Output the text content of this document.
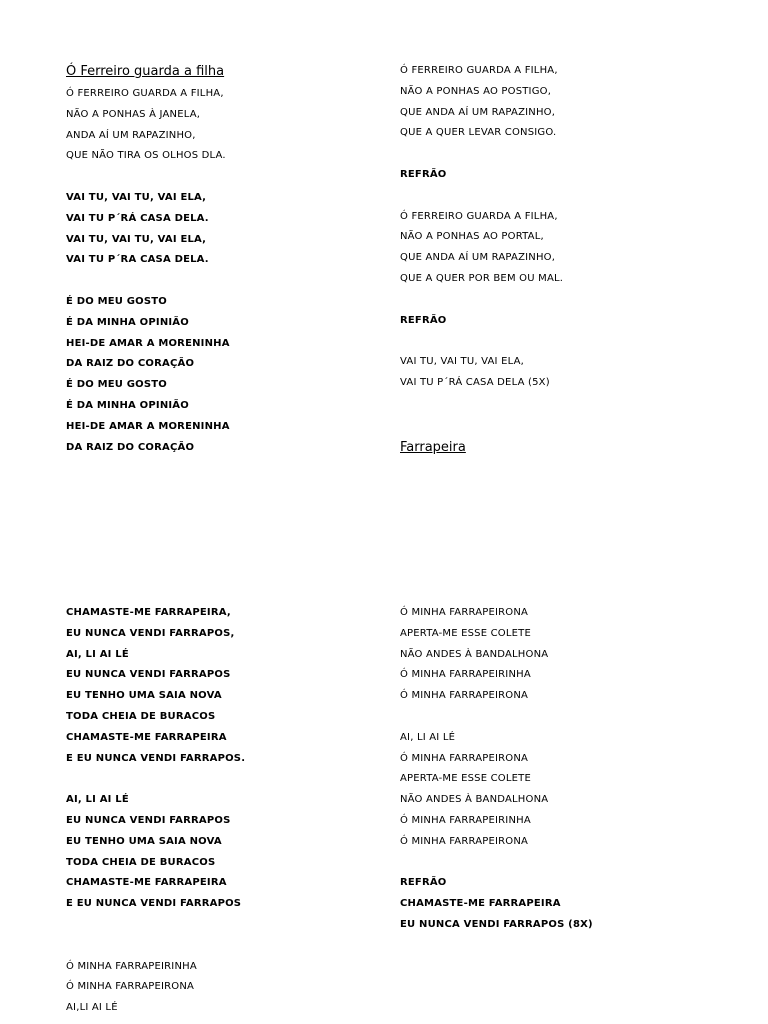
Ó Ferreiro guarda a filha
Ó FERREIRO GUARDA A FILHA,
NÃO A PONHAS À JANELA,
ANDA AÍ UM RAPAZINHO,
QUE NÃO TIRA OS OLHOS DLA.
VAI TU, VAI TU, VAI ELA,
VAI TU P´RÁ CASA DELA.
VAI TU, VAI TU, VAI ELA,
VAI TU P´RA CASA DELA.
É DO MEU GOSTO
É DA MINHA OPINIÃO
HEI-DE AMAR A MORENINHA
DA RAIZ DO CORAÇÃO
É DO MEU GOSTO
É DA MINHA OPINIÃO
HEI-DE AMAR A MORENINHA
DA RAIZ DO CORAÇÃO
Ó FERREIRO GUARDA A FILHA,
NÃO A PONHAS AO POSTIGO,
QUE ANDA AÍ UM RAPAZINHO,
QUE A QUER LEVAR CONSIGO.
REFRÃO
Ó FERREIRO GUARDA A FILHA,
NÃO A PONHAS AO PORTAL,
QUE ANDA AÍ UM RAPAZINHO,
QUE A QUER POR BEM OU MAL.
REFRÃO
VAI TU, VAI TU, VAI ELA,
VAI TU P´RÁ CASA DELA (5X)
Farrapeira
CHAMASTE-ME FARRAPEIRA,
EU NUNCA VENDI FARRAPOS,
AI, LI AI LÉ
EU NUNCA VENDI FARRAPOS
EU TENHO UMA SAIA NOVA
TODA CHEIA DE BURACOS
CHAMASTE-ME FARRAPEIRA
E EU NUNCA VENDI FARRAPOS.
AI, LI AI LÉ
EU NUNCA VENDI FARRAPOS
EU TENHO UMA SAIA NOVA
TODA CHEIA DE BURACOS
CHAMASTE-ME FARRAPEIRA
E EU NUNCA VENDI FARRAPOS
Ó MINHA FARRAPEIRINHA
Ó MINHA FARRAPEIRONA
AI,LI AI LÉ
Ó MINHA FARRAPEIRONA
APERTA-ME ESSE COLETE
NÃO ANDES À BANDALHONA
Ó MINHA FARRAPEIRINHA
Ó MINHA FARRAPEIRONA
AI, LI AI LÉ
Ó MINHA FARRAPEIRONA
APERTA-ME ESSE COLETE
NÃO ANDES À BANDALHONA
Ó MINHA FARRAPEIRINHA
Ó MINHA FARRAPEIRONA
REFRÃO
CHAMASTE-ME FARRAPEIRA
EU NUNCA VENDI FARRAPOS (8X)
